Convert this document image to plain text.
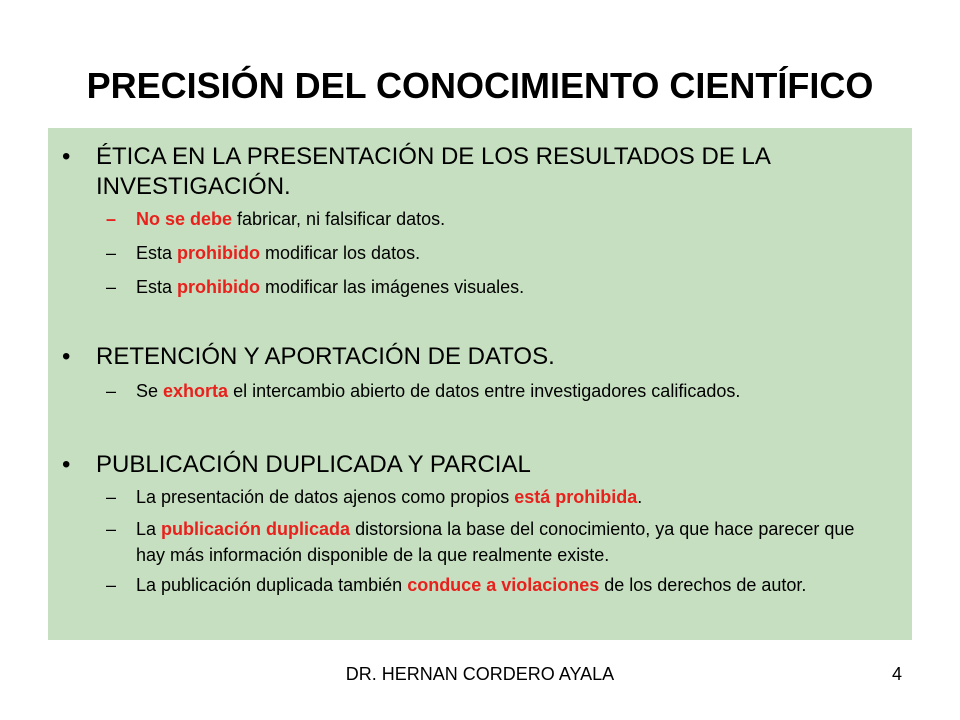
PRECISIÓN DEL CONOCIMIENTO CIENTÍFICO
•	ÉTICA EN LA PRESENTACIÓN DE LOS RESULTADOS DE LA INVESTIGACIÓN.
–	No se debe fabricar, ni falsificar datos.
–	Esta prohibido modificar los datos.
–	Esta prohibido modificar las imágenes visuales.
•	RETENCIÓN Y APORTACIÓN DE DATOS.
–	Se exhorta el intercambio abierto de datos entre investigadores calificados.
•	PUBLICACIÓN DUPLICADA Y PARCIAL
–	La presentación de datos ajenos como propios está prohibida.
–	La publicación duplicada distorsiona la base del conocimiento, ya que hace parecer que hay más información disponible de la que realmente existe.
–	La publicación duplicada también conduce a violaciones de los derechos de autor.
DR. HERNAN CORDERO AYALA	4
